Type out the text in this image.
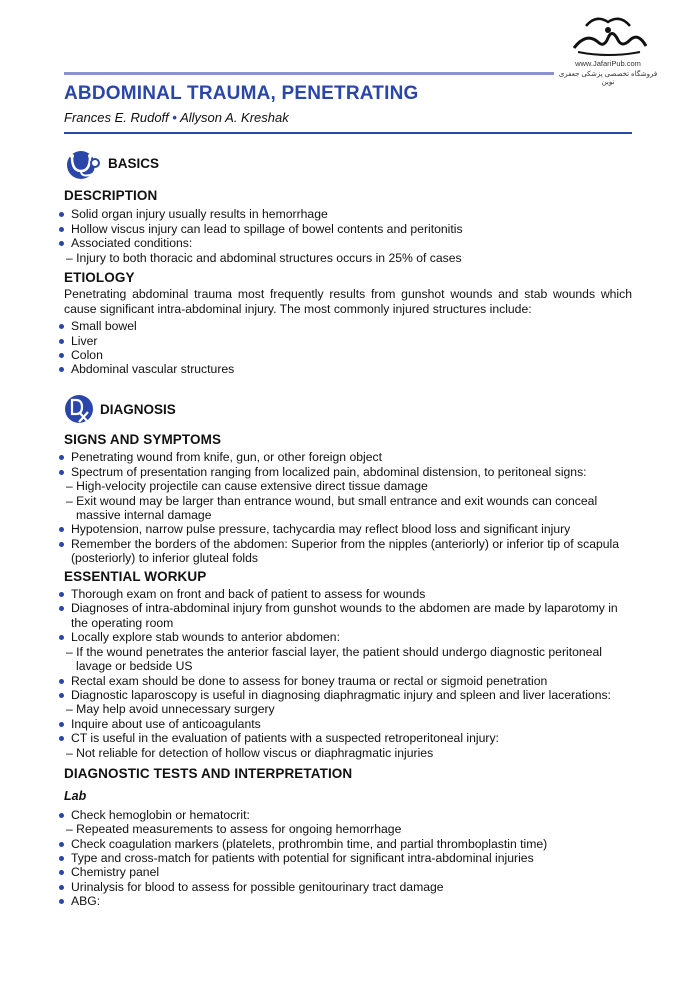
www.JafariPub.com
فروشگاه تخصصی پزشکی جعفری نوین
ABDOMINAL TRAUMA, PENETRATING
Frances E. Rudoff • Allyson A. Kreshak
BASICS
DESCRIPTION
Solid organ injury usually results in hemorrhage
Hollow viscus injury can lead to spillage of bowel contents and peritonitis
Associated conditions:
– Injury to both thoracic and abdominal structures occurs in 25% of cases
ETIOLOGY

Penetrating abdominal trauma most frequently results from gunshot wounds and stab wounds which cause significant intra-abdominal injury. The most commonly injured structures include:

Small bowel
Liver
Colon
Abdominal vascular structures
DIAGNOSIS
SIGNS AND SYMPTOMS
Penetrating wound from knife, gun, or other foreign object
Spectrum of presentation ranging from localized pain, abdominal distension, to peritoneal signs:
– High-velocity projectile can cause extensive direct tissue damage
– Exit wound may be larger than entrance wound, but small entrance and exit wounds can conceal massive internal damage
Hypotension, narrow pulse pressure, tachycardia may reflect blood loss and significant injury
Remember the borders of the abdomen: Superior from the nipples (anteriorly) or inferior tip of scapula (posteriorly) to inferior gluteal folds
ESSENTIAL WORKUP
Thorough exam on front and back of patient to assess for wounds
Diagnoses of intra-abdominal injury from gunshot wounds to the abdomen are made by laparotomy in the operating room
Locally explore stab wounds to anterior abdomen:
– If the wound penetrates the anterior fascial layer, the patient should undergo diagnostic peritoneal lavage or bedside US
Rectal exam should be done to assess for boney trauma or rectal or sigmoid penetration
Diagnostic laparoscopy is useful in diagnosing diaphragmatic injury and spleen and liver lacerations:
– May help avoid unnecessary surgery
Inquire about use of anticoagulants
CT is useful in the evaluation of patients with a suspected retroperitoneal injury:
– Not reliable for detection of hollow viscus or diaphragmatic injuries
DIAGNOSTIC TESTS AND INTERPRETATION
Lab
Check hemoglobin or hematocrit:
– Repeated measurements to assess for ongoing hemorrhage
Check coagulation markers (platelets, prothrombin time, and partial thromboplastin time)
Type and cross-match for patients with potential for significant intra-abdominal injuries
Chemistry panel
Urinalysis for blood to assess for possible genitourinary tract damage
ABG:
